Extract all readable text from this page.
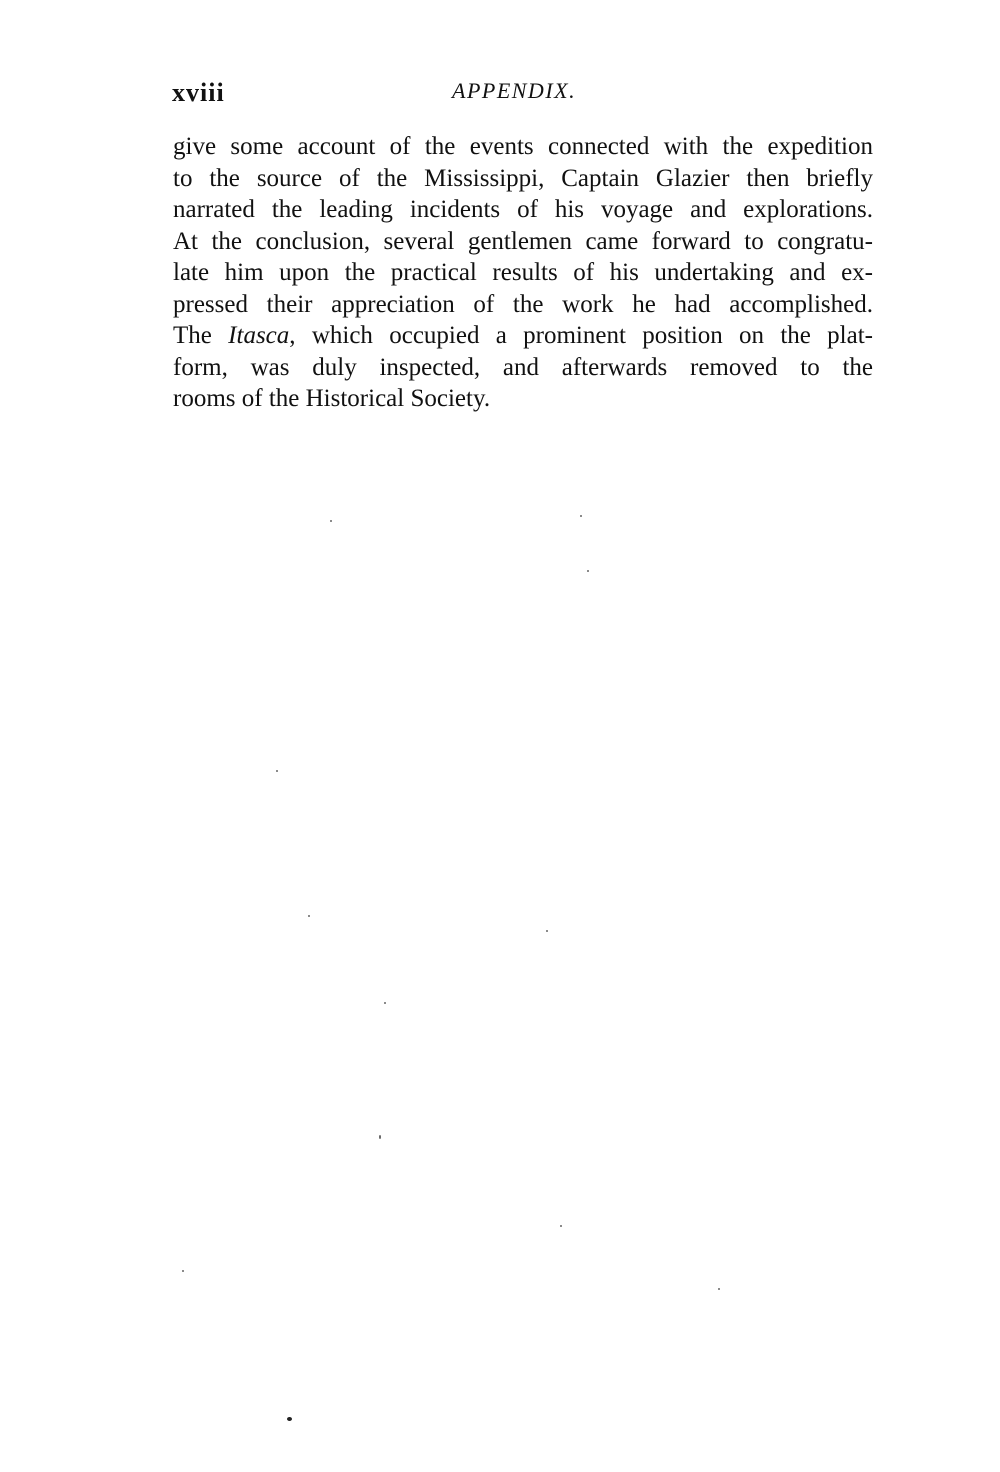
xviii	APPENDIX.
give some account of the events connected with the expedition
to the source of the Mississippi, Captain Glazier then briefly
narrated the leading incidents of his voyage and explorations.
At the conclusion, several gentlemen came forward to congratu-
late him upon the practical results of his undertaking and ex-
pressed their appreciation of the work he had accomplished.
The Itasca, which occupied a prominent position on the plat-
form, was duly inspected, and afterwards removed to the
rooms of the Historical Society.
